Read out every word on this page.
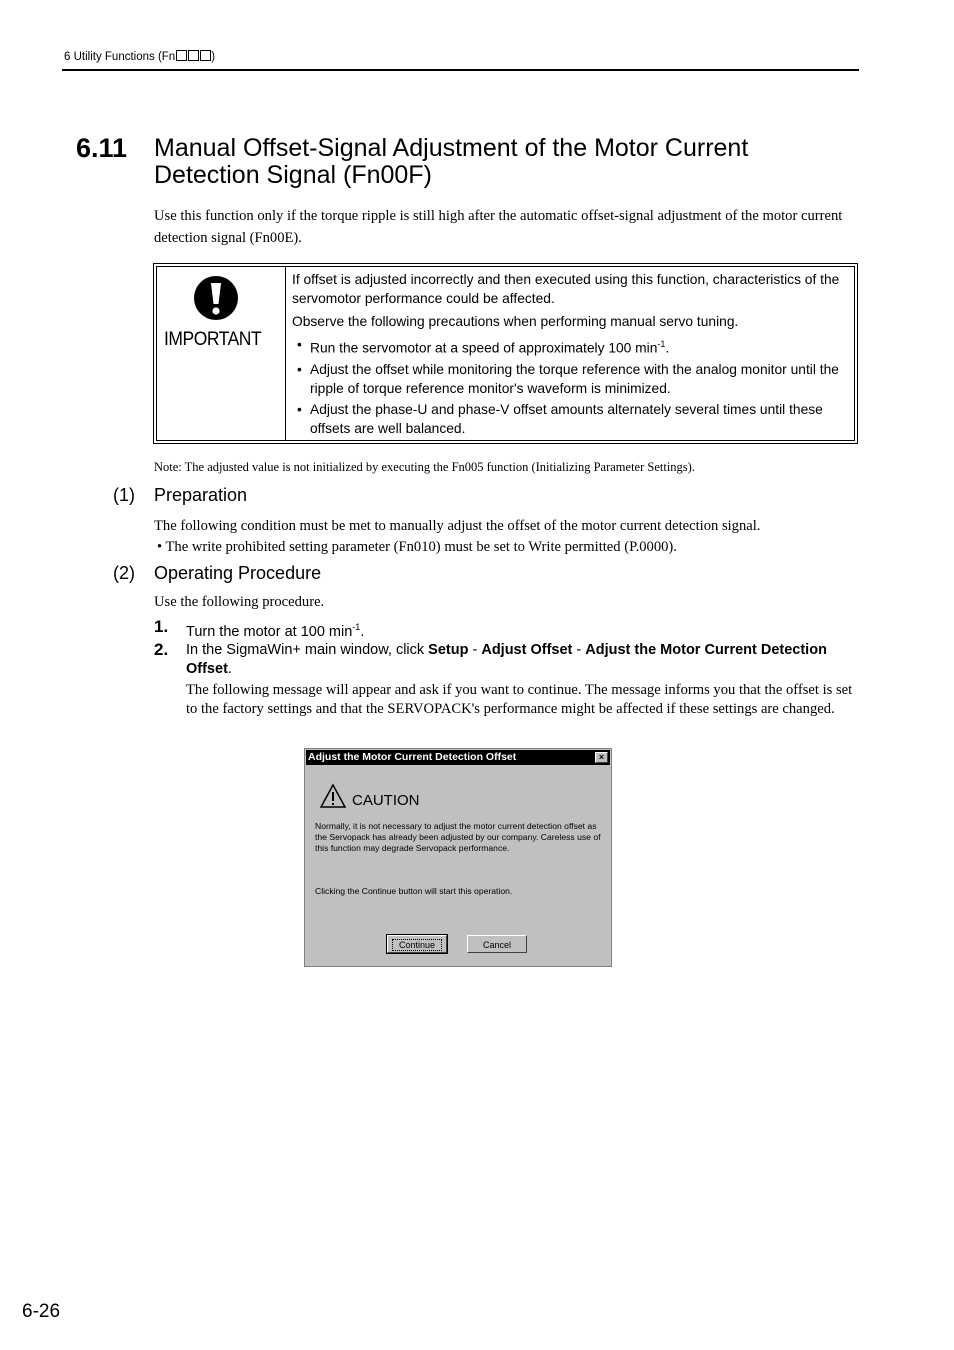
6 Utility Functions (Fn	)
6.11 Manual Offset-Signal Adjustment of the Motor Current Detection Signal (Fn00F)
Use this function only if the torque ripple is still high after the automatic offset-signal adjustment of the motor current detection signal (Fn00E).
IMPORTANT

If offset is adjusted incorrectly and then executed using this function, characteristics of the servomotor performance could be affected.

Observe the following precautions when performing manual servo tuning.

• Run the servomotor at a speed of approximately 100 $\min^{-1}$.
• Adjust the offset while monitoring the torque reference with the analog monitor until the ripple of torque reference monitor's waveform is minimized.
• Adjust the phase-U and phase-V offset amounts alternately several times until these offsets are well balanced.
Note: The adjusted value is not initialized by executing the Fn005 function (Initializing Parameter Settings).
(1) Preparation
The following condition must be met to manually adjust the offset of the motor current detection signal.
• The write prohibited setting parameter (Fn010) must be set to Write permitted (P.0000).
(2) Operating Procedure
Use the following procedure.
1. Turn the motor at 100 $\min^{-1}$.
2. In the SigmaWin+ main window, click Setup - Adjust Offset - Adjust the Motor Current Detection Offset.
The following message will appear and ask if you want to continue. The message informs you that the offset is set to the factory settings and that the SERVOPACK's performance might be affected if these settings are changed.
Adjust the Motor Current Detection Offset	×
CAUTION
Normally, it is not necessary to adjust the motor current detection offset as the Servopack has already been adjusted by our company. Careless use of this function may degrade Servopack performance.
Clicking the Continue button will start this operation.
Continue	Cancel
6-26
